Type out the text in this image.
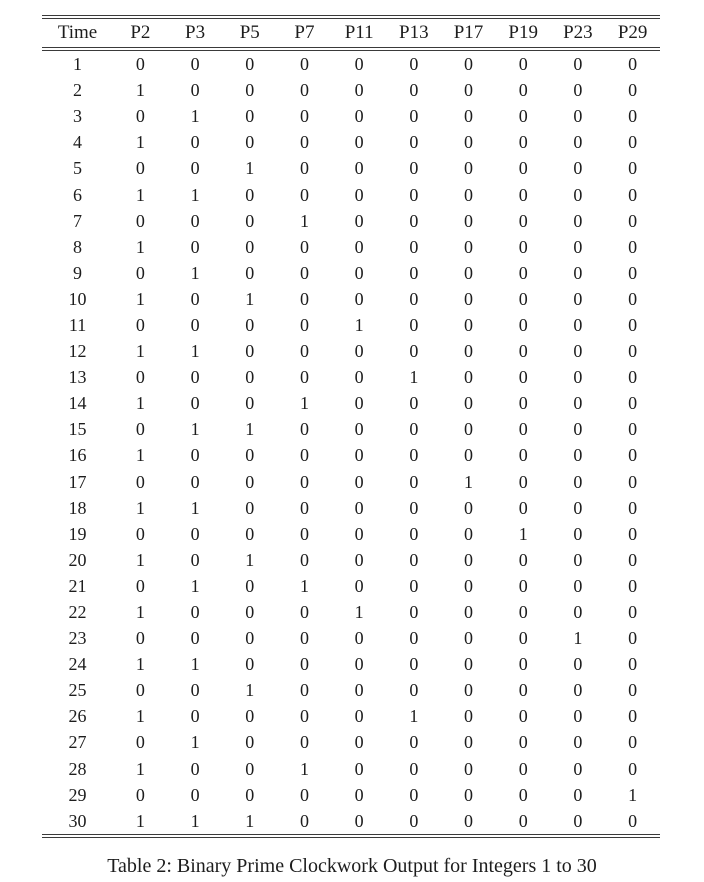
Time	P2	P3	P5	P7	P11	P13	P17	P19	P23	P29
1	0	0	0	0	0	0	0	0	0	0
2	1	0	0	0	0	0	0	0	0	0
3	0	1	0	0	0	0	0	0	0	0
4	1	0	0	0	0	0	0	0	0	0
5	0	0	1	0	0	0	0	0	0	0
6	1	1	0	0	0	0	0	0	0	0
7	0	0	0	1	0	0	0	0	0	0
8	1	0	0	0	0	0	0	0	0	0
9	0	1	0	0	0	0	0	0	0	0
10	1	0	1	0	0	0	0	0	0	0
11	0	0	0	0	1	0	0	0	0	0
12	1	1	0	0	0	0	0	0	0	0
13	0	0	0	0	0	1	0	0	0	0
14	1	0	0	1	0	0	0	0	0	0
15	0	1	1	0	0	0	0	0	0	0
16	1	0	0	0	0	0	0	0	0	0
17	0	0	0	0	0	0	1	0	0	0
18	1	1	0	0	0	0	0	0	0	0
19	0	0	0	0	0	0	0	1	0	0
20	1	0	1	0	0	0	0	0	0	0
21	0	1	0	1	0	0	0	0	0	0
22	1	0	0	0	1	0	0	0	0	0
23	0	0	0	0	0	0	0	0	1	0
24	1	1	0	0	0	0	0	0	0	0
25	0	0	1	0	0	0	0	0	0	0
26	1	0	0	0	0	1	0	0	0	0
27	0	1	0	0	0	0	0	0	0	0
28	1	0	0	1	0	0	0	0	0	0
29	0	0	0	0	0	0	0	0	0	1
30	1	1	1	0	0	0	0	0	0	0
Table 2: Binary Prime Clockwork Output for Integers 1 to 30
